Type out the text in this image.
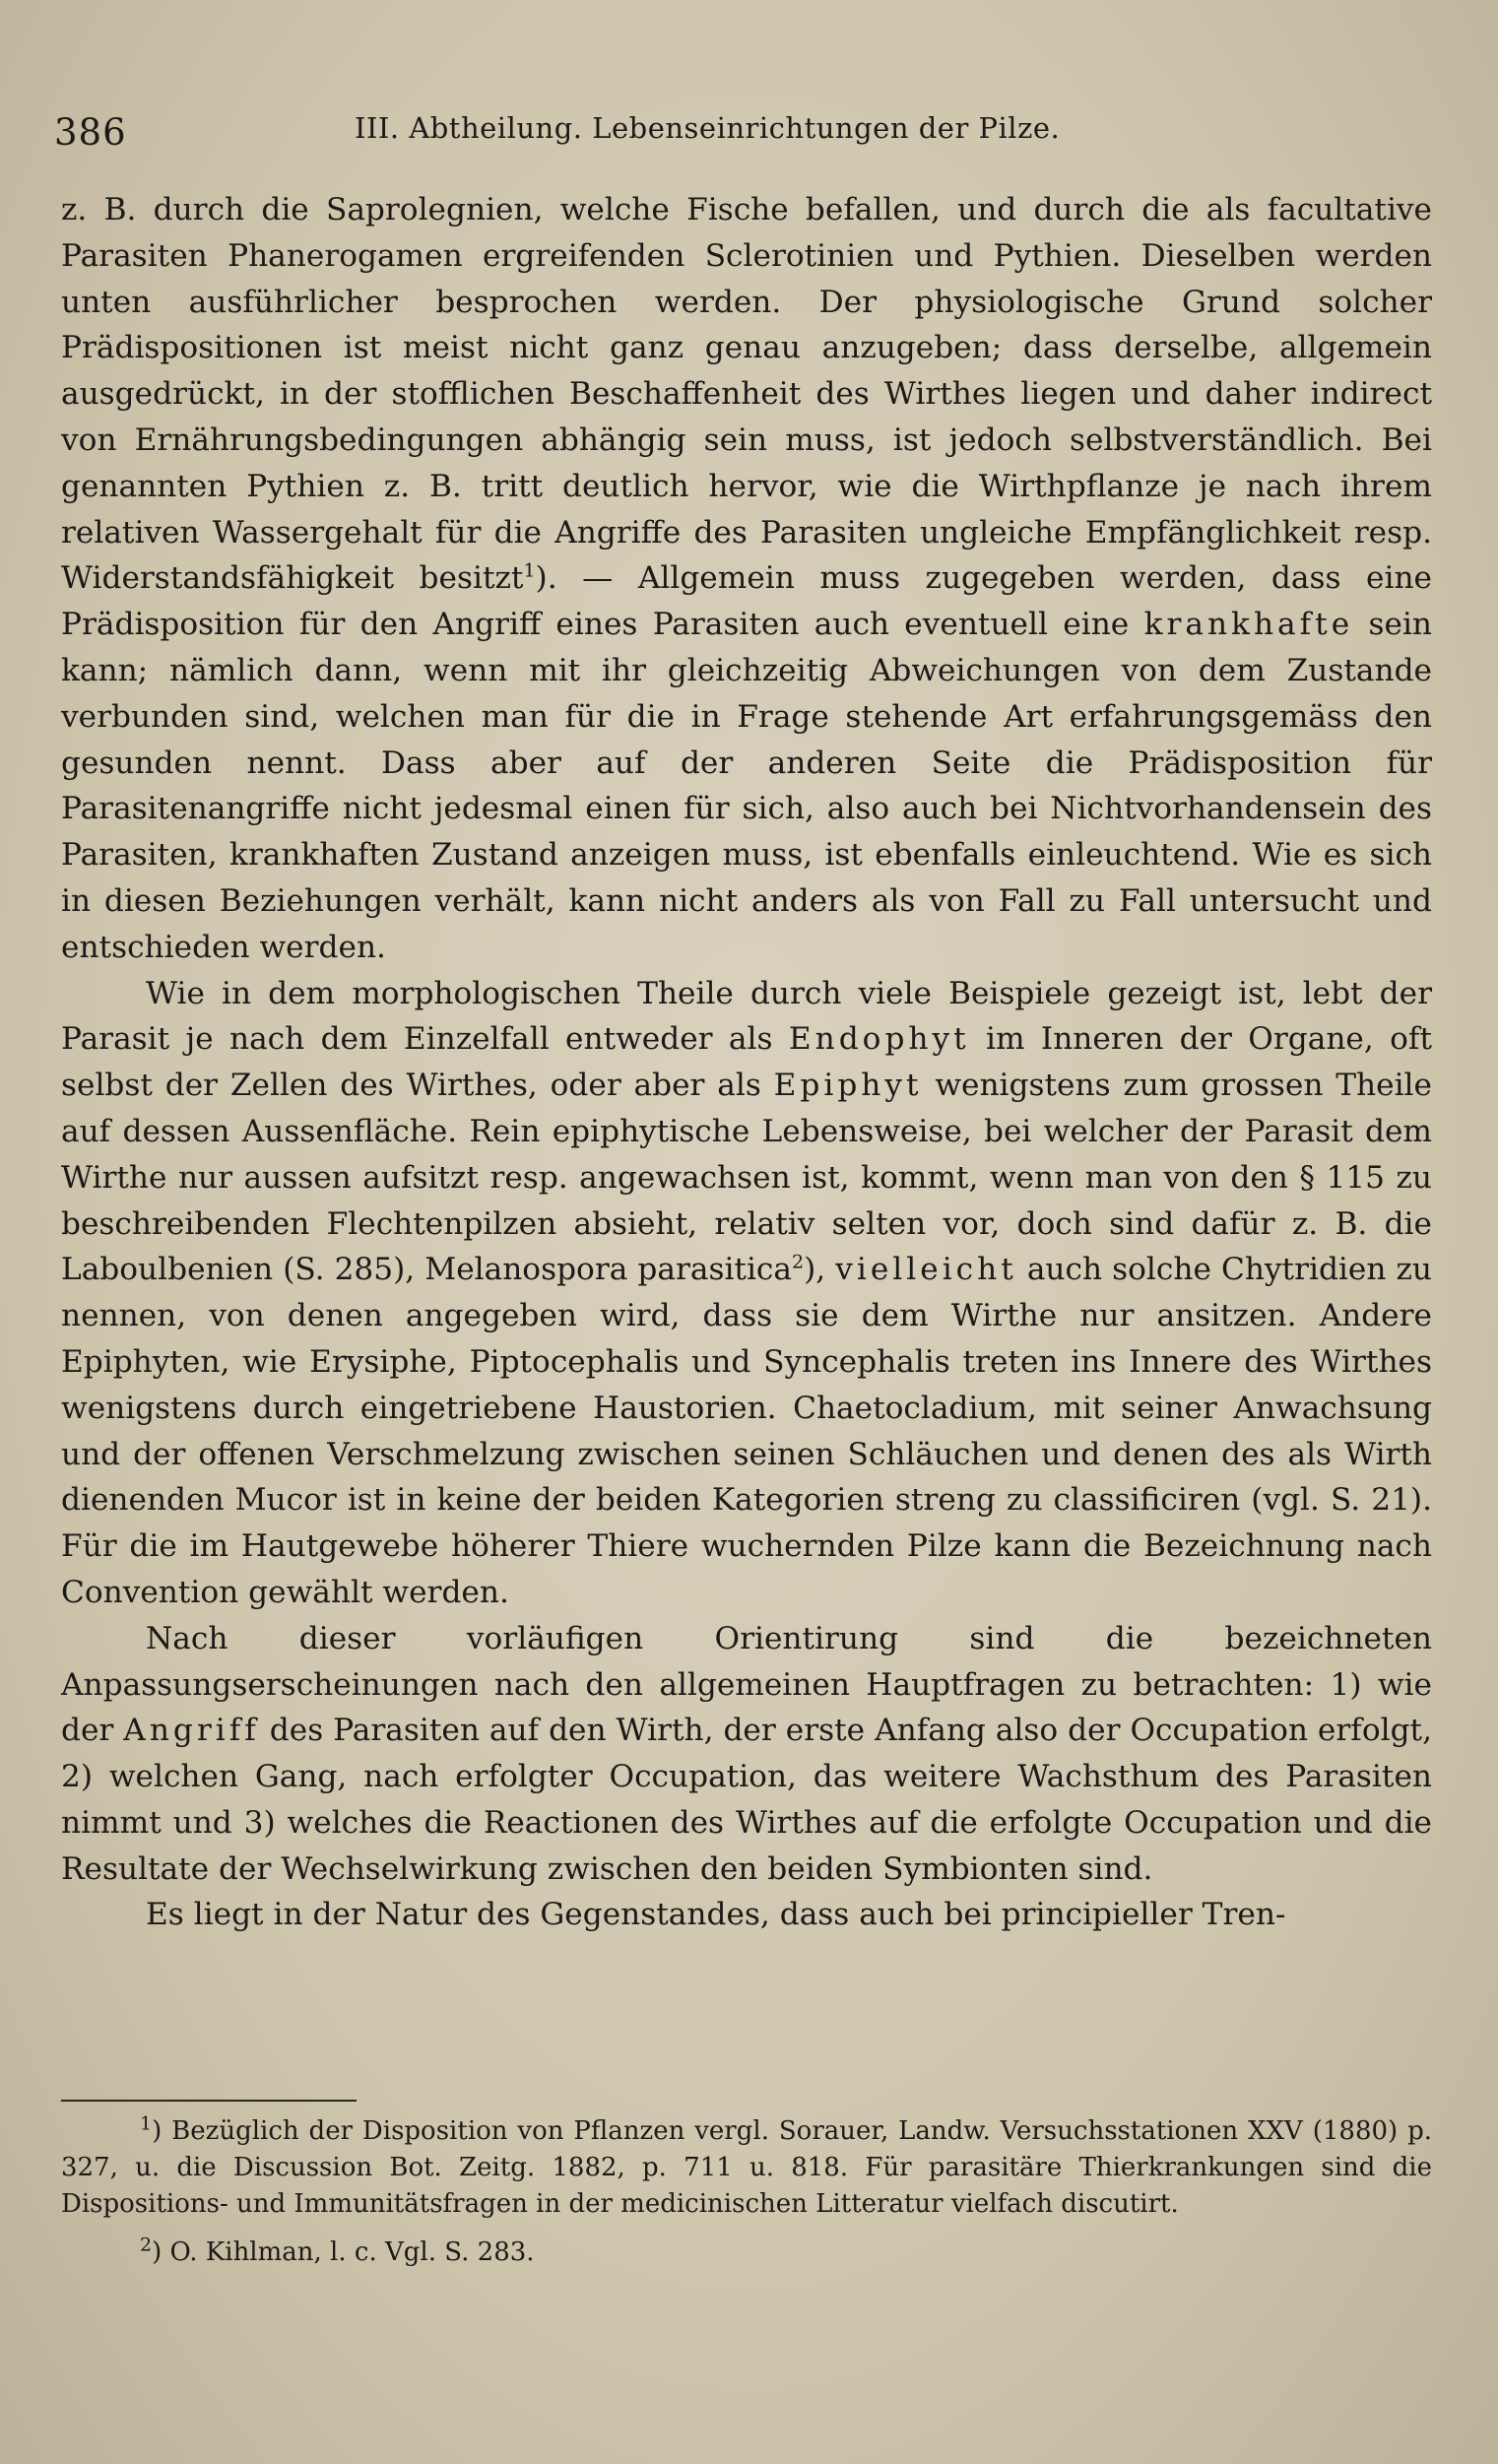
386	III. Abtheilung. Lebenseinrichtungen der Pilze.

z. B. durch die Saprolegnien, welche Fische befallen, und durch die als facultative Parasiten Phanerogamen ergreifenden Sclerotinien und Pythien. Dieselben werden unten ausführlicher besprochen werden. Der physiologische Grund solcher Prädispositionen ist meist nicht ganz genau anzugeben; dass derselbe, allgemein ausgedrückt, in der stofflichen Beschaffenheit des Wirthes liegen und daher indirect von Ernährungsbedingungen abhängig sein muss, ist jedoch selbstverständlich. Bei genannten Pythien z. B. tritt deutlich hervor, wie die Wirthpflanze je nach ihrem relativen Wassergehalt für die Angriffe des Parasiten ungleiche Empfänglichkeit resp. Widerstandsfähigkeit besitzt$^1$). — Allgemein muss zugegeben werden, dass eine Prädisposition für den Angriff eines Parasiten auch eventuell eine krankhafte sein kann; nämlich dann, wenn mit ihr gleichzeitig Abweichungen von dem Zustande verbunden sind, welchen man für die in Frage stehende Art erfahrungsgemäss den gesunden nennt. Dass aber auf der anderen Seite die Prädisposition für Parasitenangriffe nicht jedesmal einen für sich, also auch bei Nichtvorhandensein des Parasiten, krankhaften Zustand anzeigen muss, ist ebenfalls einleuchtend. Wie es sich in diesen Beziehungen verhält, kann nicht anders als von Fall zu Fall untersucht und entschieden werden.

Wie in dem morphologischen Theile durch viele Beispiele gezeigt ist, lebt der Parasit je nach dem Einzelfall entweder als Endophyt im Inneren der Organe, oft selbst der Zellen des Wirthes, oder aber als Epiphyt wenigstens zum grossen Theile auf dessen Aussenfläche. Rein epiphytische Lebensweise, bei welcher der Parasit dem Wirthe nur aussen aufsitzt resp. angewachsen ist, kommt, wenn man von den § 115 zu beschreibenden Flechtenpilzen absieht, relativ selten vor, doch sind dafür z. B. die Laboulbenien (S. 285), Melanospora parasitica$^2$), vielleicht auch solche Chytridien zu nennen, von denen angegeben wird, dass sie dem Wirthe nur ansitzen. Andere Epiphyten, wie Erysiphe, Piptocephalis und Syncephalis treten ins Innere des Wirthes wenigstens durch eingetriebene Haustorien. Chaetocladium, mit seiner Anwachsung und der offenen Verschmelzung zwischen seinen Schläuchen und denen des als Wirth dienenden Mucor ist in keine der beiden Kategorien streng zu classificiren (vgl. S. 21). Für die im Hautgewebe höherer Thiere wuchernden Pilze kann die Bezeichnung nach Convention gewählt werden.

Nach dieser vorläufigen Orientirung sind die bezeichneten Anpassungserscheinungen nach den allgemeinen Hauptfragen zu betrachten: 1) wie der Angriff des Parasiten auf den Wirth, der erste Anfang also der Occupation erfolgt, 2) welchen Gang, nach erfolgter Occupation, das weitere Wachsthum des Parasiten nimmt und 3) welches die Reactionen des Wirthes auf die erfolgte Occupation und die Resultate der Wechselwirkung zwischen den beiden Symbionten sind.

Es liegt in der Natur des Gegenstandes, dass auch bei principieller Tren-

$^1$) Bezüglich der Disposition von Pflanzen vergl. Sorauer, Landw. Versuchsstationen XXV (1880) p. 327, u. die Discussion Bot. Zeitg. 1882, p. 711 u. 818. Für parasitäre Thierkrankungen sind die Dispositions- und Immunitätsfragen in der medicinischen Litteratur vielfach discutirt.

$^2$) O. Kihlman, l. c. Vgl. S. 283.
